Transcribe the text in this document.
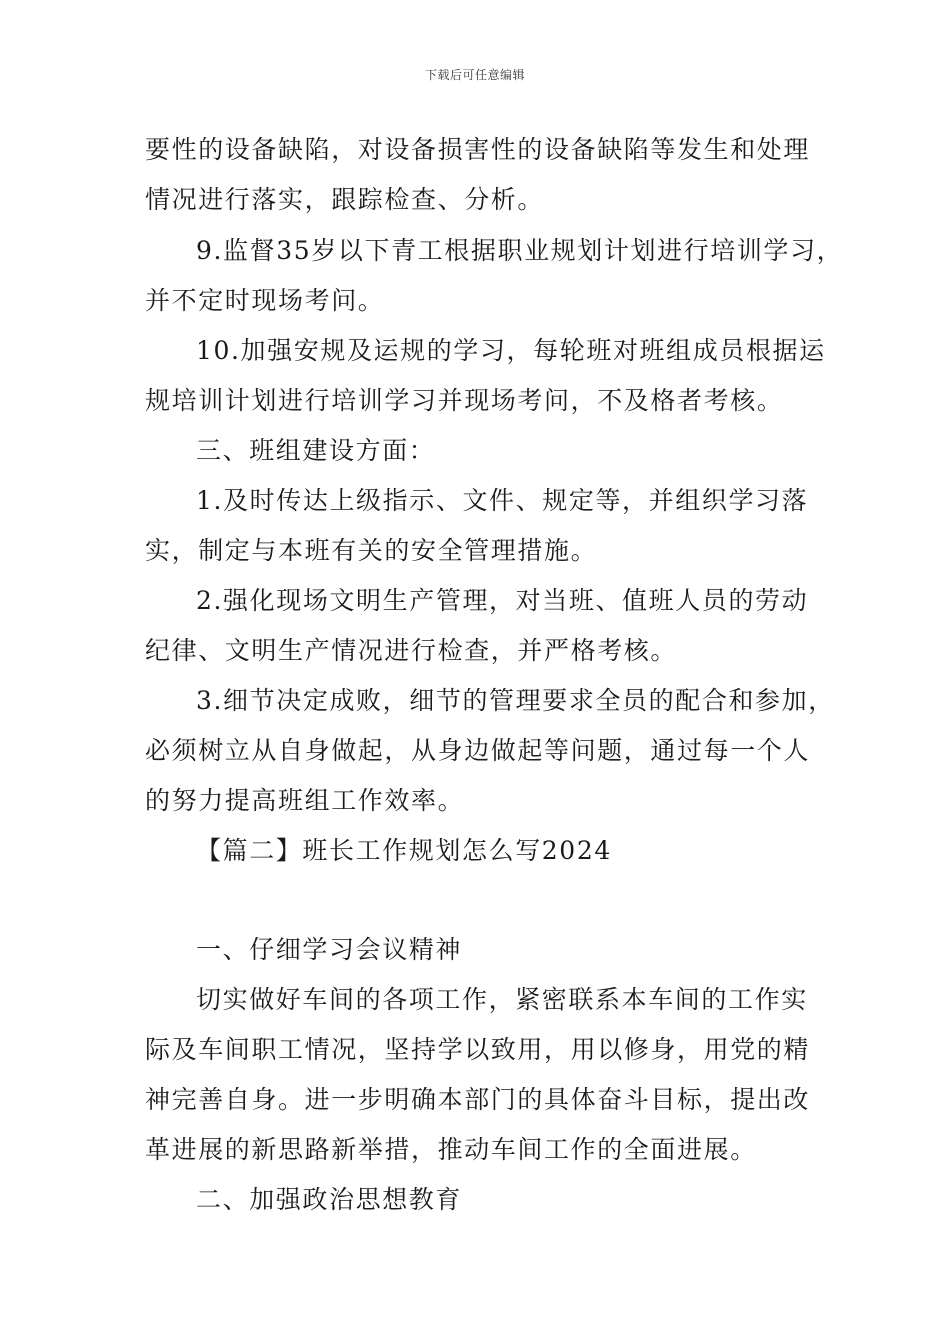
下载后可任意编辑
要性的设备缺陷，对设备损害性的设备缺陷等发生和处理
情况进行落实，跟踪检查、分析。
9.监督35岁以下青工根据职业规划计划进行培训学习，
并不定时现场考问。
10.加强安规及运规的学习，每轮班对班组成员根据运
规培训计划进行培训学习并现场考问，不及格者考核。
三、班组建设方面：
1.及时传达上级指示、文件、规定等，并组织学习落
实，制定与本班有关的安全管理措施。
2.强化现场文明生产管理，对当班、值班人员的劳动
纪律、文明生产情况进行检查，并严格考核。
3.细节决定成败，细节的管理要求全员的配合和参加，
必须树立从自身做起，从身边做起等问题，通过每一个人
的努力提高班组工作效率。
【篇二】班长工作规划怎么写2024
一、仔细学习会议精神
切实做好车间的各项工作，紧密联系本车间的工作实
际及车间职工情况，坚持学以致用，用以修身，用党的精
神完善自身。进一步明确本部门的具体奋斗目标，提出改
革进展的新思路新举措，推动车间工作的全面进展。
二、加强政治思想教育
